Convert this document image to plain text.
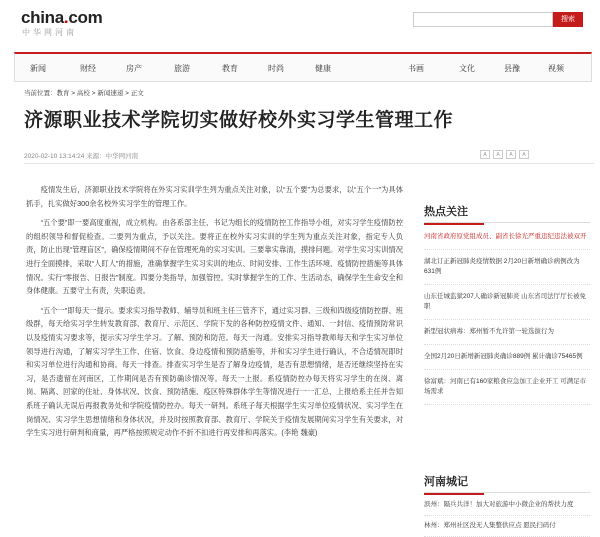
china.com
中华网河南
搜索
新闻	财经	房产	旅游	教育	时尚	健康	书画	文化	县豫	视频
当前位置：教育 > 高校 > 新闻速递 > 正文
济源职业技术学院切实做好校外实习学生管理工作
2020-02-10 13:14:24 来源：中华网河南	A A A A

疫情发生后，济源职业技术学院将在外实习实训学生列为重点关注对象，以“五个要”为总要求，以“五个一”为具体抓手，扎实做好300余名校外实习学生的管理工作。

“五个要”即一要高度重视，成立机构。由各系部主任、书记为组长的疫情防控工作指导小组，对实习学生疫情防控的组织领导和督促检查。二要列为重点，予以关注。要将正在校外实习实训的学生列为重点关注对象，指定专人负责，防止出现“管理盲区”，确保疫情期间不存在管理死角的实习实训。三要靠实靠清，摸排问题。对学生实习实训情况进行全面摸排，采取“人盯人”的措施，准确掌握学生实习实训的地点、时间安排、工作生活环境、疫情防控措施等具体情况。实行“零报告、日报告”制度。四要分类指导，加强管控。实时掌握学生的工作、生活动态，确保学生生命安全和身体健康。五要守土有责，失职追责。

“五个一”即每天一提示。要求实习指导教师、辅导员和班主任三管齐下，通过实习群、三级和四级疫情防控群、班级群，每天给实习学生转发教育部、教育厅、示范区、学院下发的各种防控疫情文件、通知、一封信、疫情预防常识以及疫情实习要求等，提示实习学生学习。了解、预防和防范。每天一沟通。安排实习指导教师每天和学生实习单位领导进行沟通，了解实习学生工作、住宿、饮食、身边疫情和预防措施等，并和实习学生进行确认，不合适情况即时和实习单位进行沟通和协商。每天一排查。排查实习学生是否了解身边疫情，是否有思想情绪，是否还继续坚持在实习，是否遗留在河南区，工作期间是否有预防确诊情况等。每天一上报。系疫情防控办每天将实习学生的在岗、离岗、隔离、回家的住址、身体状况、饮食、预防措施、疫区特殊群体学生等情况进行一一汇总，上报给系主任并告知系班子确认无误后再报教务处和学院疫情防控办。每天一研判。系班子每天根据学生实习单位疫情状况、实习学生在岗情况、实习学生思想情绪和身体状况，并及时按照教育部、教育厅、学院关于疫情发展期间实习学生有关要求，对学生实习进行研判和商量，再严格按照规定动作不折不扣进行再安排和再落实。(李艳 魏豪)

热点关注
河南省政府原党组成员、副省长徐光严重违纪违法被双开
湖北订正新冠肺炎疫情数据 2月20日新增确诊病例改为631例
山东任城监狱207人确诊新冠肺炎 山东省司法厅厅长被免职
新型冠状病毒：郑州暂不允许第一轮选拔行为
全国2月20日新增新冠肺炎确诊889例 累计确诊75465例
徐富斌：河南已有160家粮食应急加工企业开工 可满足市场需求
河南城记
滨州：隔兵共洋！加大对旅游中小微企业的帮扶力度
林州：郑州社区没无人集整供应点 愿民扫码付
